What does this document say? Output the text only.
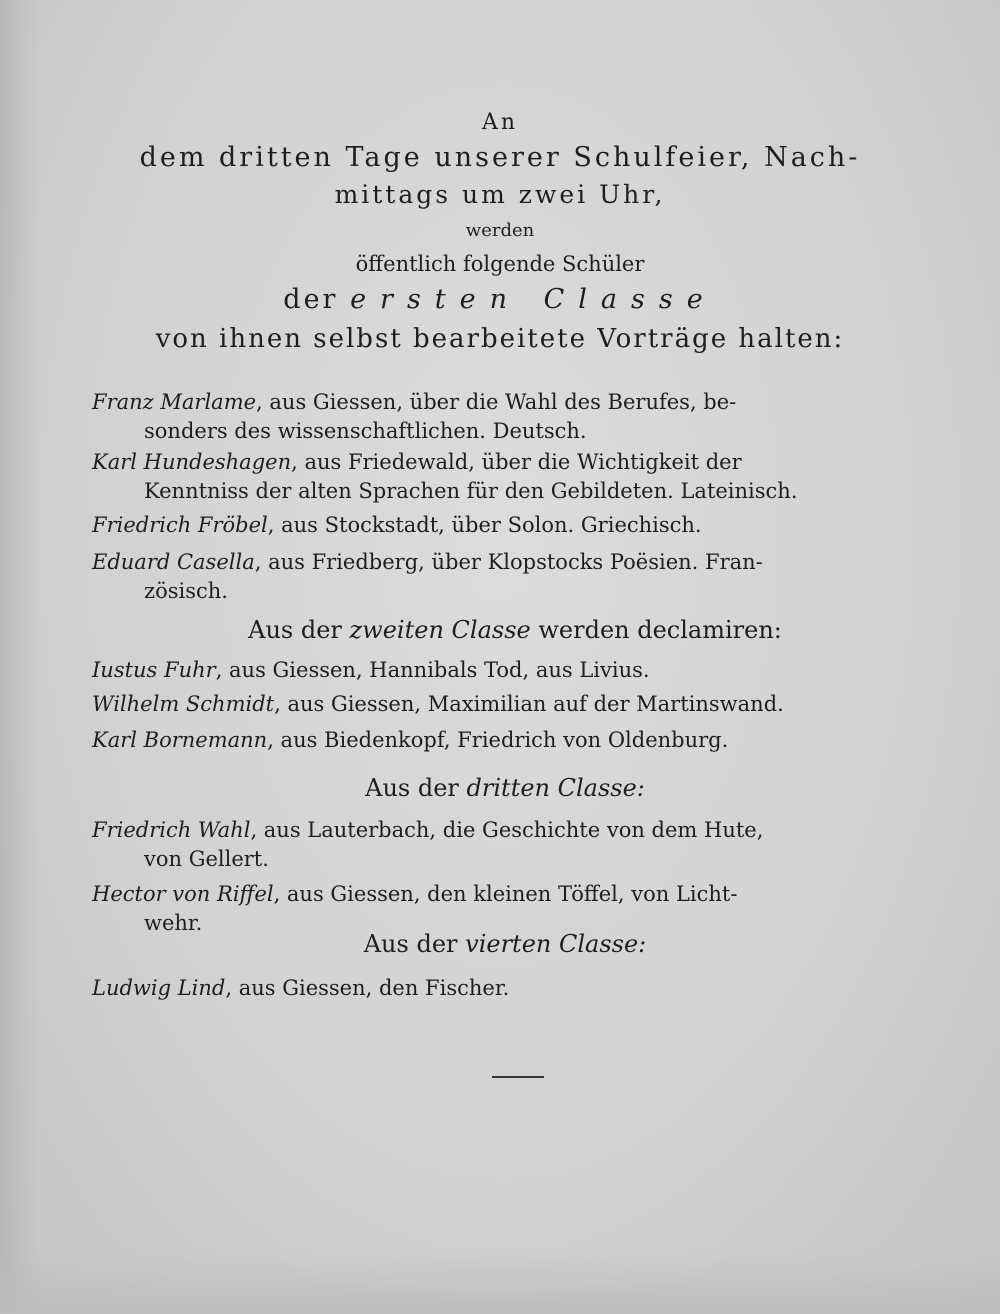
An
dem dritten Tage unserer Schulfeier, Nach-
mittags um zwei Uhr,
werden
öffentlich folgende Schüler
der ersten Classe
von ihnen selbst bearbeitete Vorträge halten:
Franz Marlame, aus Giessen, über die Wahl des Berufes, be-
sonders des wissenschaftlichen. Deutsch.
Karl Hundeshagen, aus Friedewald, über die Wichtigkeit der
Kenntniss der alten Sprachen für den Gebildeten. Lateinisch.
Friedrich Fröbel, aus Stockstadt, über Solon. Griechisch.
Eduard Casella, aus Friedberg, über Klopstocks Poësien. Fran-
zösisch.
Aus der zweiten Classe werden declamiren:
Iustus Fuhr, aus Giessen, Hannibals Tod, aus Livius.
Wilhelm Schmidt, aus Giessen, Maximilian auf der Martinswand.
Karl Bornemann, aus Biedenkopf, Friedrich von Oldenburg.
Aus der dritten Classe:
Friedrich Wahl, aus Lauterbach, die Geschichte von dem Hute,
von Gellert.
Hector von Riffel, aus Giessen, den kleinen Töffel, von Licht-
wehr.
Aus der vierten Classe:
Ludwig Lind, aus Giessen, den Fischer.
